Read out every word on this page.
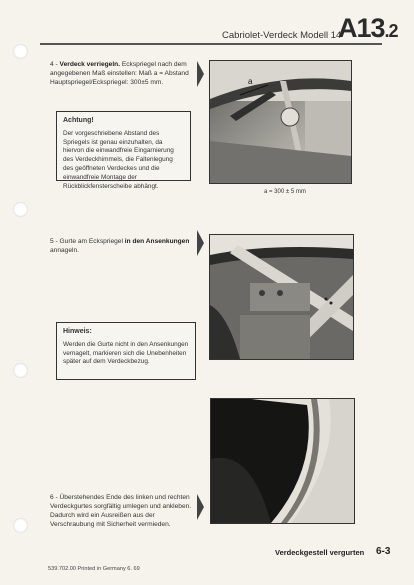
Cabriolet-Verdeck Modell 14
A13.2
4 - Verdeck verriegeln. Eckspriegel nach dem angegebenen Maß einstellen: Maß a = Abstand Hauptspriegel/Eckspriegel: 300±5 mm.
Achtung!
Der vorgeschriebene Abstand des Spriegels ist genau einzuhalten, da hiervon die einwandfreie Eingarnierung des Verdeckhimmels, die Faltenlegung des geöffneten Verdeckes und die einwandfreie Montage der Rückblickfensterscheibe abhängt.
a
a = 300 ± 5 mm
5 - Gurte am Eckspriegel in den Ansenkungen annageln.
Hinweis:
Werden die Gurte nicht in den Ansenkungen vernagelt, markieren sich die Unebenheiten später auf dem Verdeckbezug.
6 - Überstehendes Ende des linken und rechten Verdeckgurtes sorgfältig umlegen und ankleben. Dadurch wird ein Ausreißen aus der Verschraubung mit Sicherheit vermieden.
Verdeckgestell vergurten 6-3
539.702.00 Printed in Germany 6. 69
